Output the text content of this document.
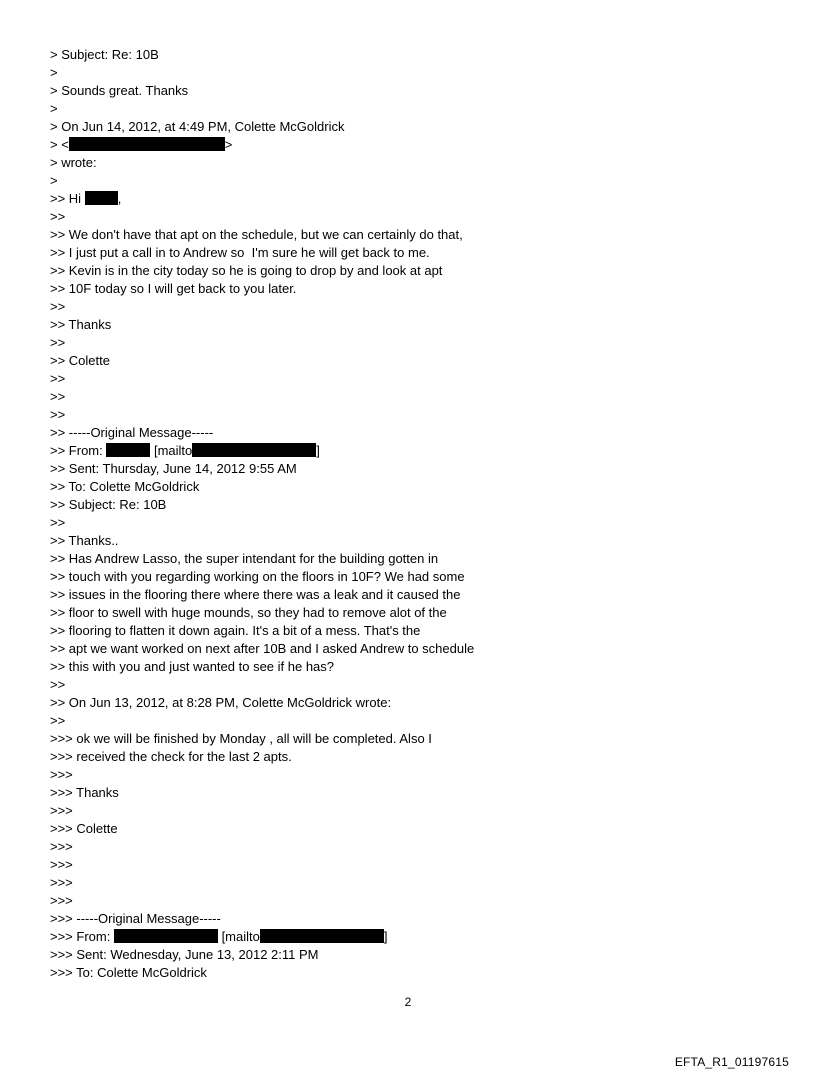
> Subject: Re: 10B
>
> Sounds great. Thanks
>
> On Jun 14, 2012, at 4:49 PM, Colette McGoldrick
> <	>
> wrote:
>
>> Hi	,
>>
>> We don't have that apt on the schedule, but we can certainly do that,
>> I just put a call in to Andrew so  I'm sure he will get back to me.
>> Kevin is in the city today so he is going to drop by and look at apt
>> 10F today so I will get back to you later.
>>
>> Thanks
>>
>> Colette
>>
>>
>>
>> -----Original Message-----
>> From:	[mailto	]
>> Sent: Thursday, June 14, 2012 9:55 AM
>> To: Colette McGoldrick
>> Subject: Re: 10B
>>
>> Thanks..
>> Has Andrew Lasso, the super intendant for the building gotten in
>> touch with you regarding working on the floors in 10F? We had some
>> issues in the flooring there where there was a leak and it caused the
>> floor to swell with huge mounds, so they had to remove alot of the
>> flooring to flatten it down again. It's a bit of a mess. That's the
>> apt we want worked on next after 10B and I asked Andrew to schedule
>> this with you and just wanted to see if he has?
>>
>> On Jun 13, 2012, at 8:28 PM, Colette McGoldrick wrote:
>>
>>> ok we will be finished by Monday , all will be completed. Also I
>>> received the check for the last 2 apts.
>>>
>>> Thanks
>>>
>>> Colette
>>>
>>>
>>>
>>>
>>> -----Original Message-----
>>> From:	[mailto	]
>>> Sent: Wednesday, June 13, 2012 2:11 PM
>>> To: Colette McGoldrick
2
EFTA_R1_01197615
